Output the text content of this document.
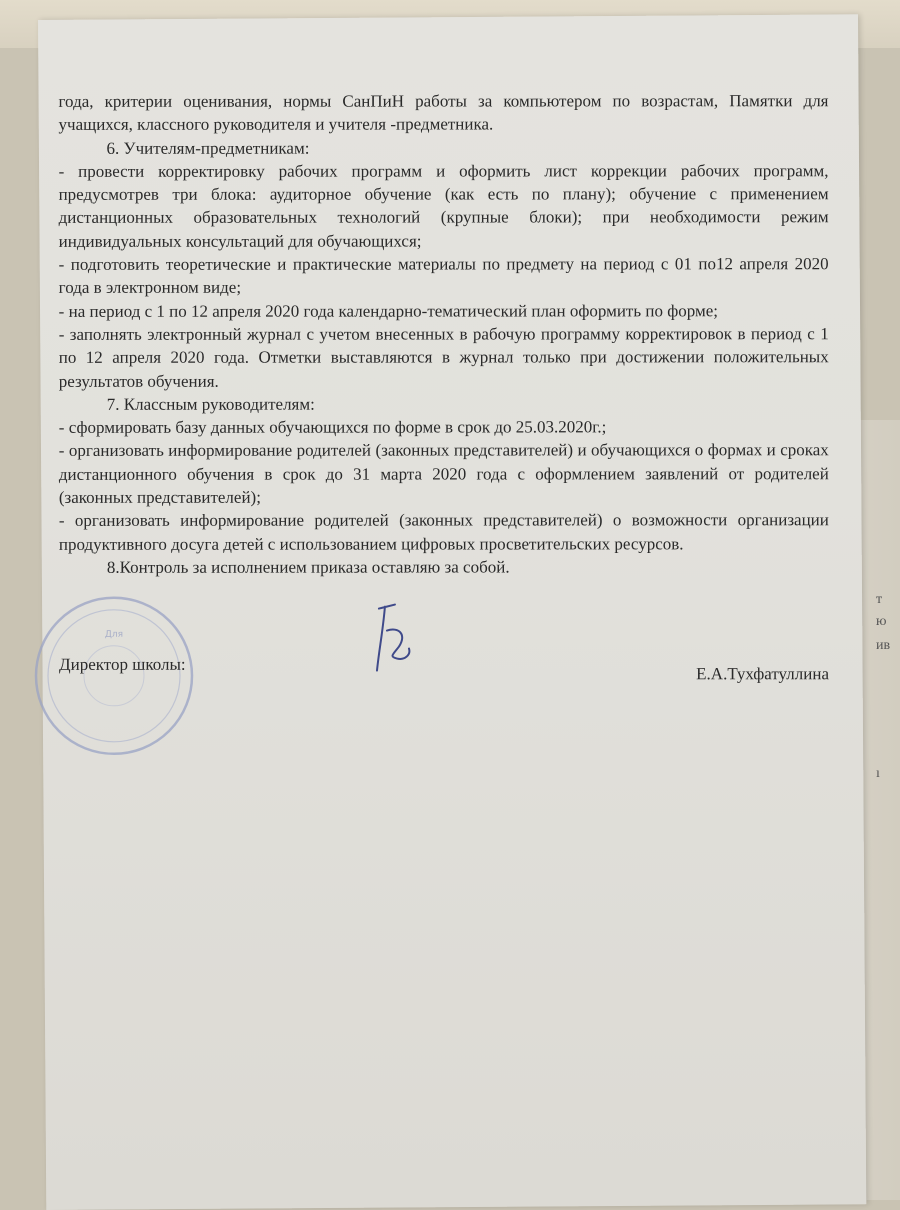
т
ю
ив
ı

года, критерии оценивания, нормы СанПиН работы за компьютером по возрастам, Памятки для учащихся, классного руководителя и учителя -предметника.

6. Учителям-предметникам:

- провести корректировку рабочих программ и оформить лист коррекции рабочих программ, предусмотрев три блока: аудиторное обучение (как есть по плану); обучение с применением дистанционных образовательных технологий (крупные блоки); при необходимости режим индивидуальных консультаций для обучающихся;

- подготовить теоретические и практические материалы по предмету на период с 01 по12 апреля 2020 года в электронном виде;

- на период с 1 по 12 апреля 2020 года календарно-тематический план оформить по форме;

- заполнять электронный журнал с учетом внесенных в рабочую программу корректировок в период с 1 по 12 апреля 2020 года. Отметки выставляются в журнал только при достижении положительных результатов обучения.

7. Классным руководителям:

- сформировать базу данных обучающихся по форме в срок до 25.03.2020г.;

- организовать информирование родителей (законных представителей) и обучающихся о формах и сроках дистанционного обучения в срок до 31 марта 2020 года с оформлением заявлений от родителей (законных представителей);

- организовать информирование родителей (законных представителей) о возможности организации продуктивного досуга детей с использованием цифровых просветительских ресурсов.

8.Контроль за исполнением приказа оставляю за собой.

Для
Директор школы:	Е.А.Тухфатуллина
